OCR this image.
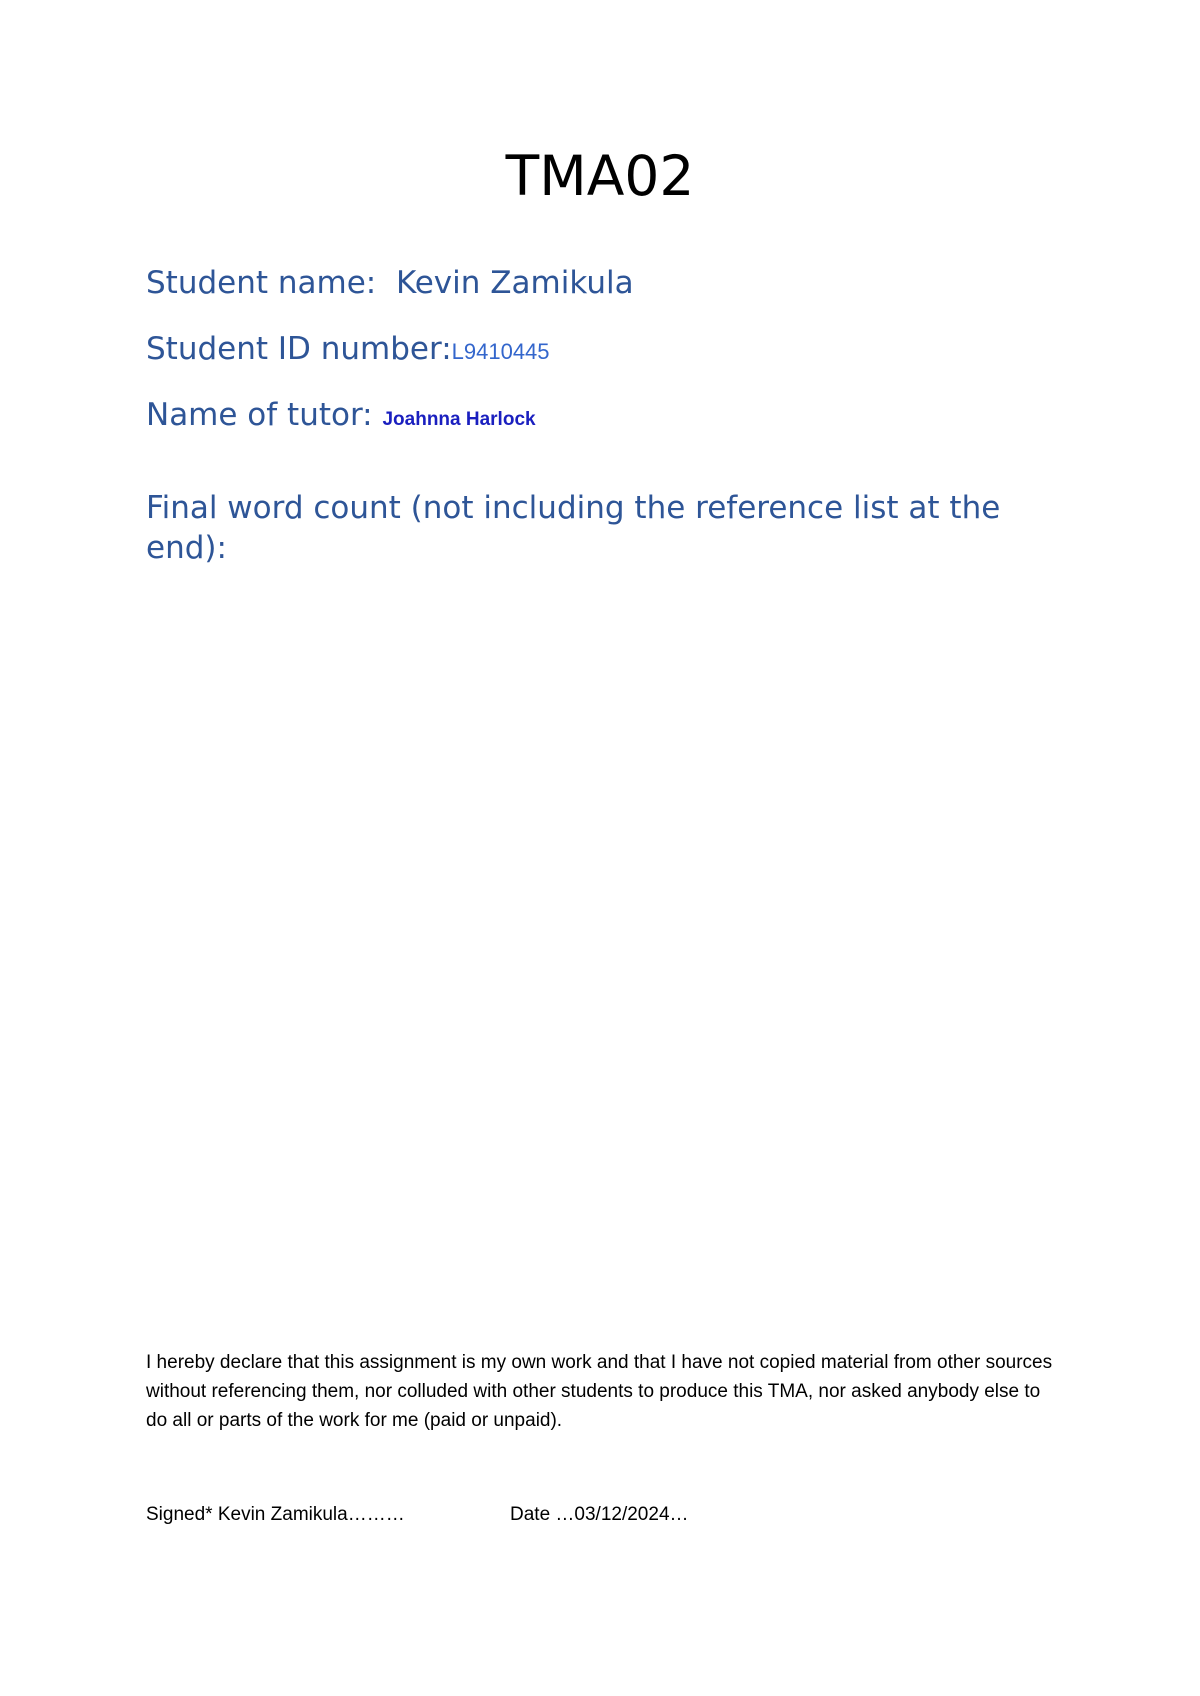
TMA02
Student name:  Kevin Zamikula
Student ID number:L9410445
Name of tutor: Joahnna Harlock
Final word count (not including the reference list at the end):
I hereby declare that this assignment is my own work and that I have not copied material from other sources without referencing them, nor colluded with other students to produce this TMA, nor asked anybody else to do all or parts of the work for me (paid or unpaid).
Signed* Kevin Zamikula………	Date …03/12/2024…
